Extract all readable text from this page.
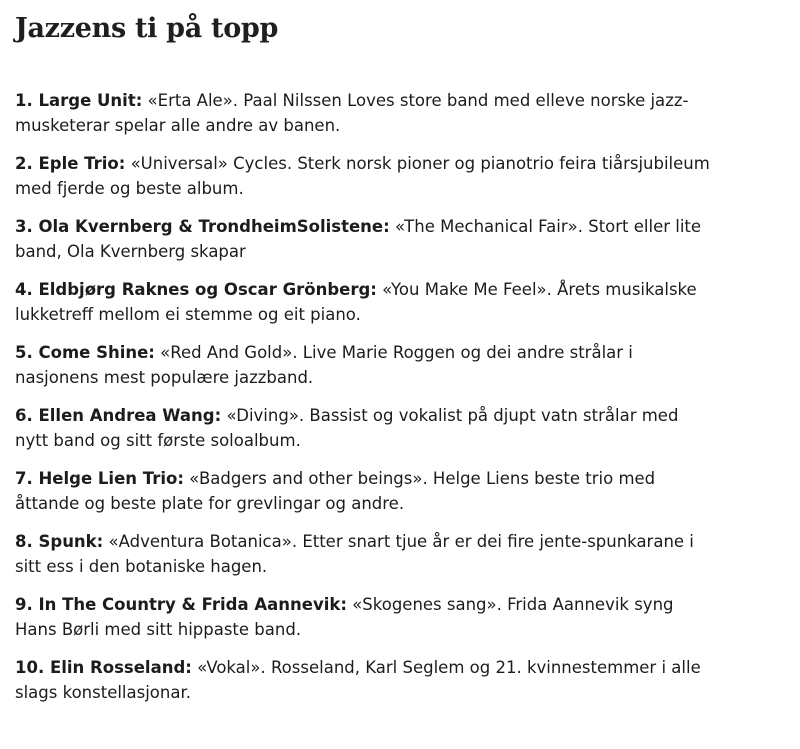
Jazzens ti på topp
1. Large Unit: «Erta Ale». Paal Nilssen Loves store band med elleve norske jazz-musketerar spelar alle andre av banen.
2. Eple Trio: «Universal» Cycles. Sterk norsk pioner og pianotrio feira tiårsjubileum med fjerde og beste album.
3. Ola Kvernberg & TrondheimSolistene: «The Mechanical Fair». Stort eller lite band, Ola Kvernberg skapar
4. Eldbjørg Raknes og Oscar Grönberg: «You Make Me Feel». Årets musikalske lukketreff mellom ei stemme og eit piano.
5. Come Shine: «Red And Gold». Live Marie Roggen og dei andre strålar i nasjonens mest populære jazzband.
6. Ellen Andrea Wang: «Diving». Bassist og vokalist på djupt vatn strålar med nytt band og sitt første soloalbum.
7. Helge Lien Trio: «Badgers and other beings». Helge Liens beste trio med åttande og beste plate for grevlingar og andre.
8. Spunk: «Adventura Botanica». Etter snart tjue år er dei fire jente-spunkarane i sitt ess i den botaniske hagen.
9. In The Country & Frida Aannevik: «Skogenes sang». Frida Aannevik syng Hans Børli med sitt hippaste band.
10. Elin Rosseland: «Vokal». Rosseland, Karl Seglem og 21. kvinnestemmer i alle slags konstellasjonar.
